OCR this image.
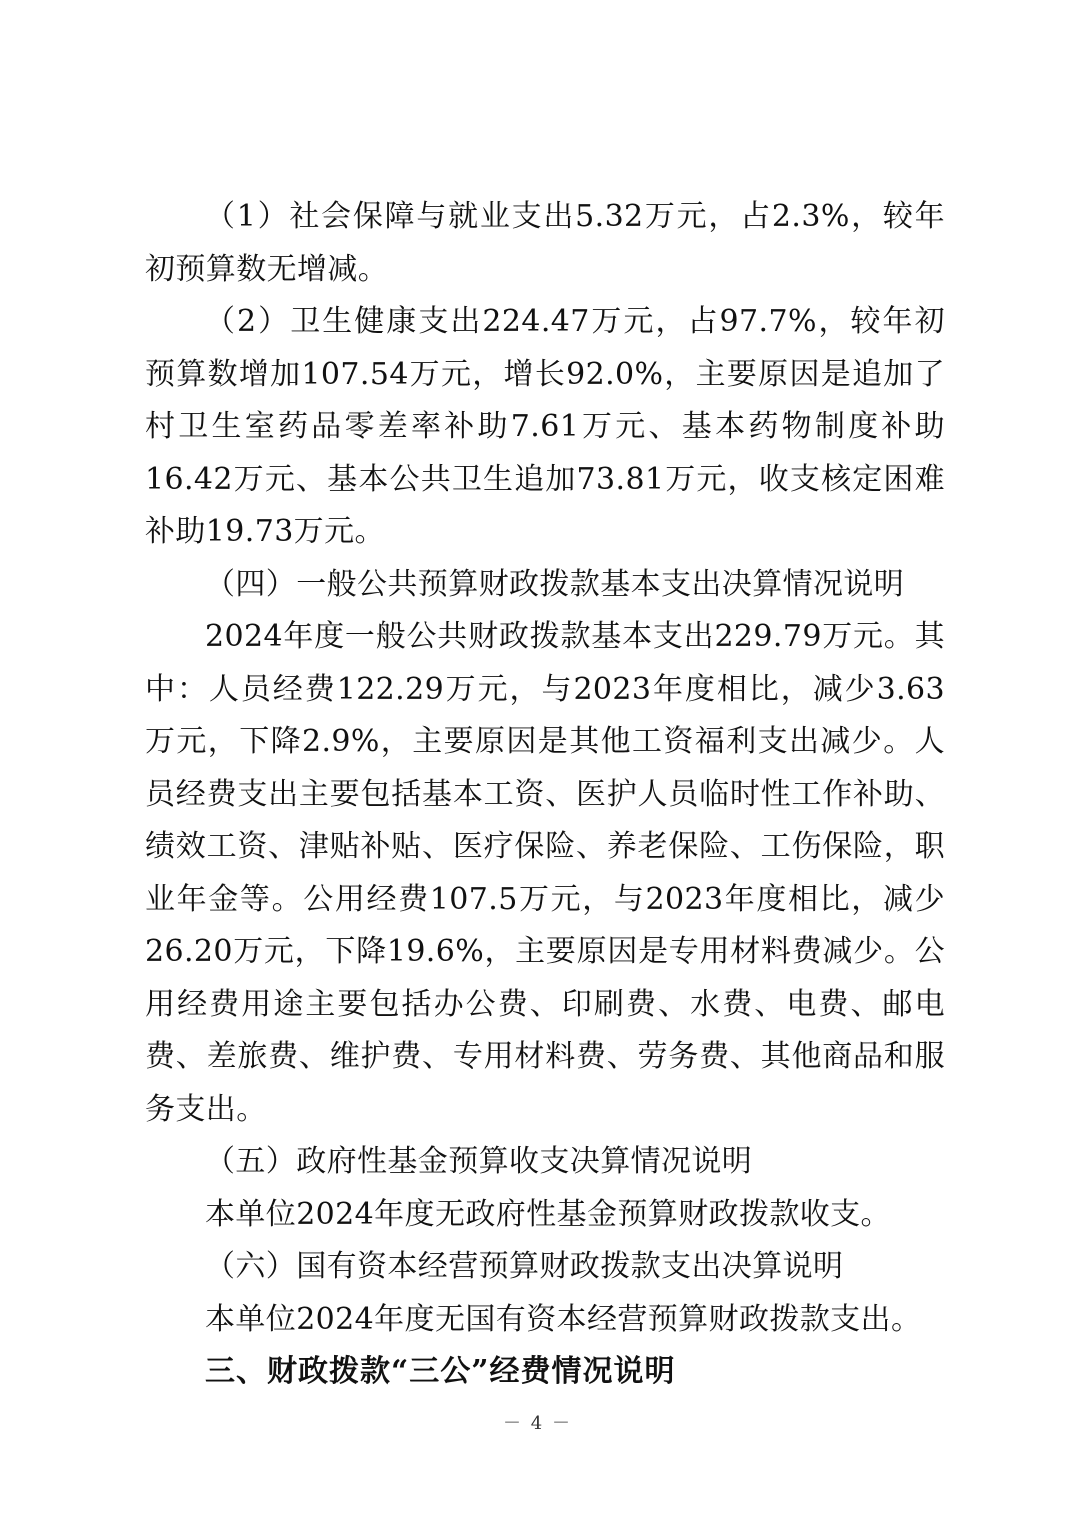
（1）社会保障与就业支出5.32万元，占2.3%，较年初预算数无增减。

（2）卫生健康支出224.47万元，占97.7%，较年初预算数增加107.54万元，增长92.0%，主要原因是追加了村卫生室药品零差率补助7.61万元、基本药物制度补助16.42万元、基本公共卫生追加73.81万元，收支核定困难补助19.73万元。

（四）一般公共预算财政拨款基本支出决算情况说明

2024年度一般公共财政拨款基本支出229.79万元。其中：人员经费122.29万元，与2023年度相比，减少3.63万元，下降2.9%，主要原因是其他工资福利支出减少。人员经费支出主要包括基本工资、医护人员临时性工作补助、绩效工资、津贴补贴、医疗保险、养老保险、工伤保险，职业年金等。公用经费107.5万元，与2023年度相比，减少26.20万元，下降19.6%，主要原因是专用材料费减少。公用经费用途主要包括办公费、印刷费、水费、电费、邮电费、差旅费、维护费、专用材料费、劳务费、其他商品和服务支出。

（五）政府性基金预算收支决算情况说明

本单位2024年度无政府性基金预算财政拨款收支。

（六）国有资本经营预算财政拨款支出决算说明

本单位2024年度无国有资本经营预算财政拨款支出。

三、财政拨款“三公”经费情况说明

－ 4 －
